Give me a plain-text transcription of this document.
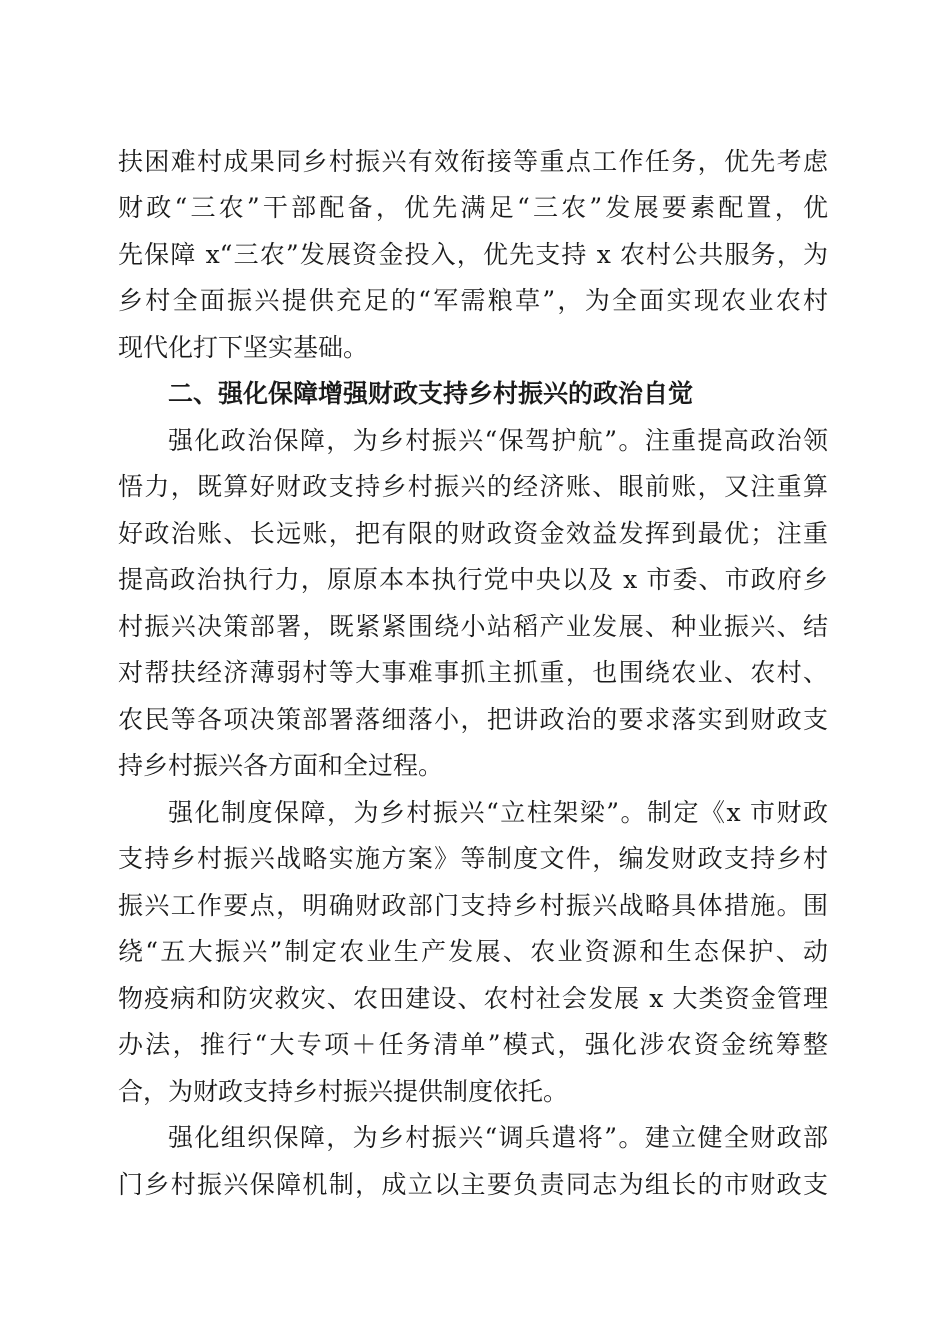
扶困难村成果同乡村振兴有效衔接等重点工作任务，优先考虑
财政“三农”干部配备，优先满足“三农”发展要素配置，优
先保障 x“三农”发展资金投入，优先支持 x 农村公共服务，为
乡村全面振兴提供充足的“军需粮草”，为全面实现农业农村
现代化打下坚实基础。
二、强化保障增强财政支持乡村振兴的政治自觉
强化政治保障，为乡村振兴“保驾护航”。注重提高政治领
悟力，既算好财政支持乡村振兴的经济账、眼前账，又注重算
好政治账、长远账，把有限的财政资金效益发挥到最优；注重
提高政治执行力，原原本本执行党中央以及 x 市委、市政府乡
村振兴决策部署，既紧紧围绕小站稻产业发展、种业振兴、结
对帮扶经济薄弱村等大事难事抓主抓重，也围绕农业、农村、
农民等各项决策部署落细落小，把讲政治的要求落实到财政支
持乡村振兴各方面和全过程。
强化制度保障，为乡村振兴“立柱架梁”。制定《x 市财政
支持乡村振兴战略实施方案》等制度文件，编发财政支持乡村
振兴工作要点，明确财政部门支持乡村振兴战略具体措施。围
绕“五大振兴”制定农业生产发展、农业资源和生态保护、动
物疫病和防灾救灾、农田建设、农村社会发展 x 大类资金管理
办法，推行“大专项＋任务清单”模式，强化涉农资金统筹整
合，为财政支持乡村振兴提供制度依托。
强化组织保障，为乡村振兴“调兵遣将”。建立健全财政部
门乡村振兴保障机制，成立以主要负责同志为组长的市财政支
